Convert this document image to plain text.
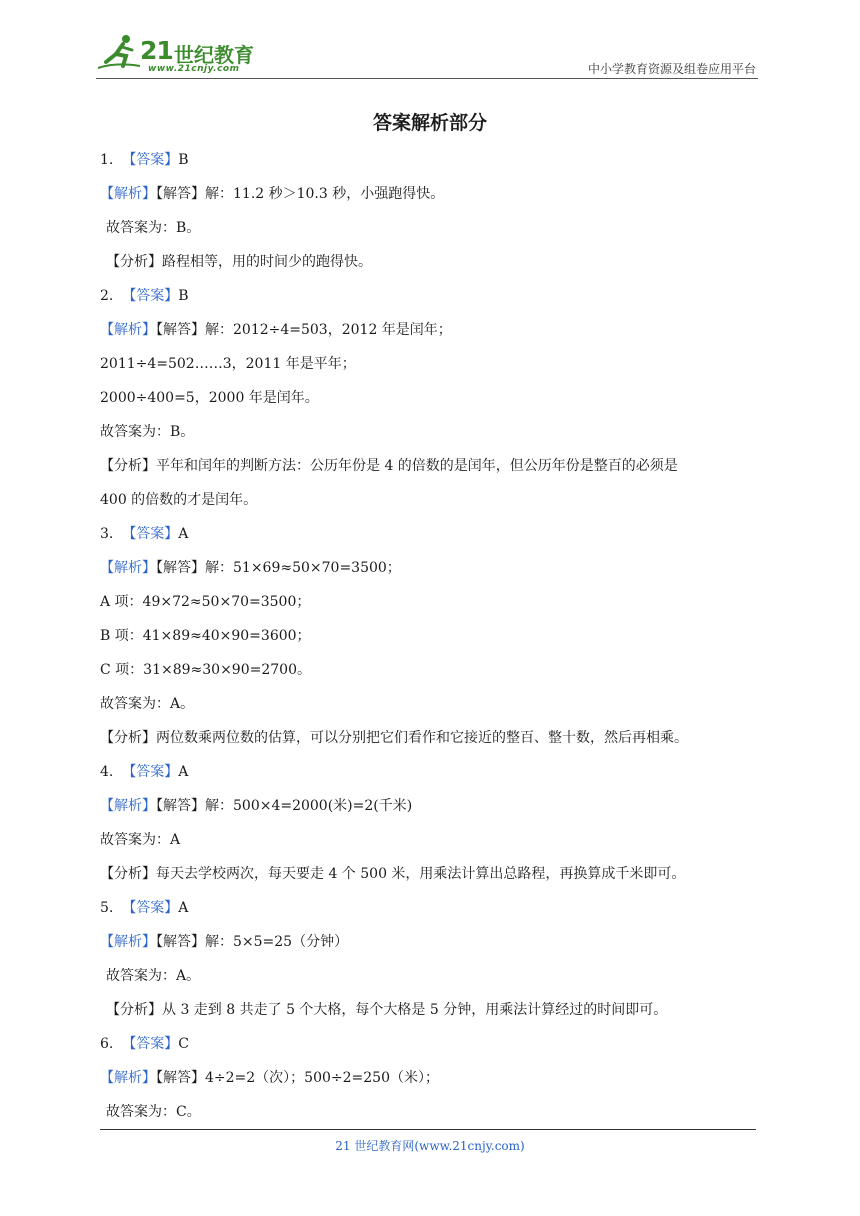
21 世纪教育
www.21cnjy.com	中小学教育资源及组卷应用平台
答案解析部分
1. 【答案】B
【解析】【解答】解：11.2 秒＞10.3 秒，小强跑得快。
故答案为：B。
【分析】路程相等，用的时间少的跑得快。
2. 【答案】B
【解析】【解答】解：2012÷4=503，2012 年是闰年；
2011÷4=502……3，2011 年是平年；
2000÷400=5，2000 年是闰年。
故答案为：B。
【分析】平年和闰年的判断方法：公历年份是 4 的倍数的是闰年，但公历年份是整百的必须是
400 的倍数的才是闰年。
3. 【答案】A
【解析】【解答】解：51×69≈50×70=3500；
A 项：49×72≈50×70=3500；
B 项：41×89≈40×90=3600；
C 项：31×89≈30×90=2700。
故答案为：A。
【分析】两位数乘两位数的估算，可以分别把它们看作和它接近的整百、整十数，然后再相乘。
4. 【答案】A
【解析】【解答】解：500×4=2000(米)=2(千米)
故答案为：A
【分析】每天去学校两次，每天要走 4 个 500 米，用乘法计算出总路程，再换算成千米即可。
5. 【答案】A
【解析】【解答】解：5×5=25（分钟）
故答案为：A。
【分析】从 3 走到 8 共走了 5 个大格，每个大格是 5 分钟，用乘法计算经过的时间即可。
6. 【答案】C
【解析】【解答】4÷2=2（次）；500÷2=250（米）；
故答案为：C。
21 世纪教育网(www.21cnjy.com)
